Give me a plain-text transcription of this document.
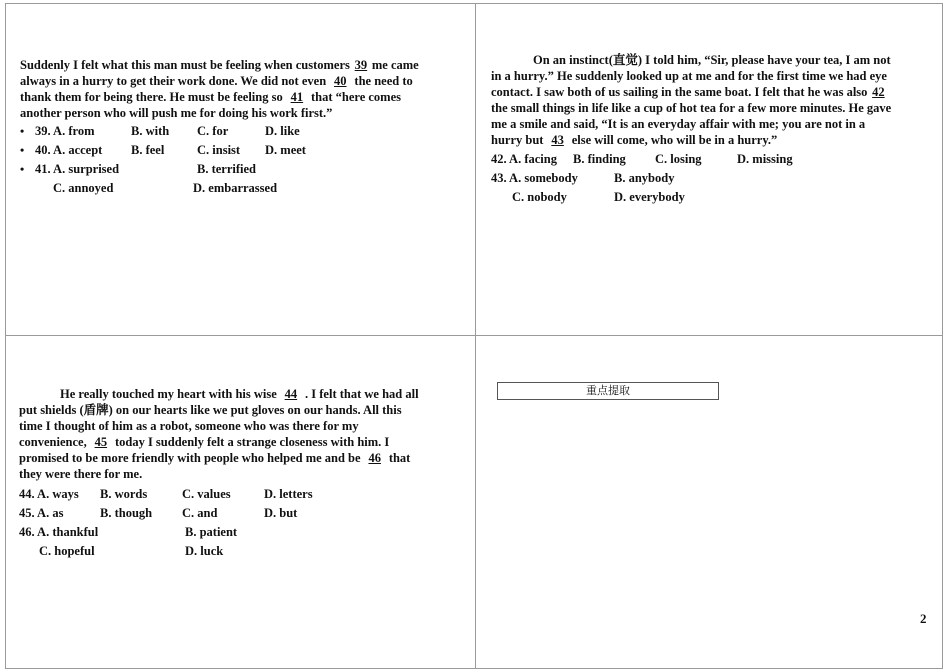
Suddenly I felt what this man must be feeling when customers 39 me came
always in a hurry to get their work done. We did not even 40 the need to
thank them for being there. He must be feeling so 41 that “here comes
another person who will push me for doing his work first.”
• 39. A. from	B. with C. for	D. like
• 40. A. accept B. feel	C. insist D. meet
• 41. A. surprised	B. terrified
C. annoyed	D. embarrassed
On an instinct(直觉) I told him, “Sir, please have your tea, I am not
in a hurry.” He suddenly looked up at me and for the first time we had eye
contact. I saw both of us sailing in the same boat. I felt that he was also 42
the small things in life like a cup of hot tea for a few more minutes. He gave
me a smile and said, “It is an everyday affair with me; you are not in a
hurry but 43 else will come, who will be in a hurry.”
42. A. facing B. finding C. losing	D. missing
43. A. somebody	B. anybody
C. nobody	D. everybody
He really touched my heart with his wise 44 . I felt that we had all
put shields (盾牌) on our hearts like we put gloves on our hands. All this
time I thought of him as a robot, someone who was there for my
convenience, 45 today I suddenly felt a strange closeness with him. I
promised to be more friendly with people who helped me and be 46 that
they were there for me.
44. A. ways B. words	C. values	D. letters
45. A. as	B. though C. and	D. but
46. A. thankful	B. patient
C. hopeful	D. luck
重点提取
2
